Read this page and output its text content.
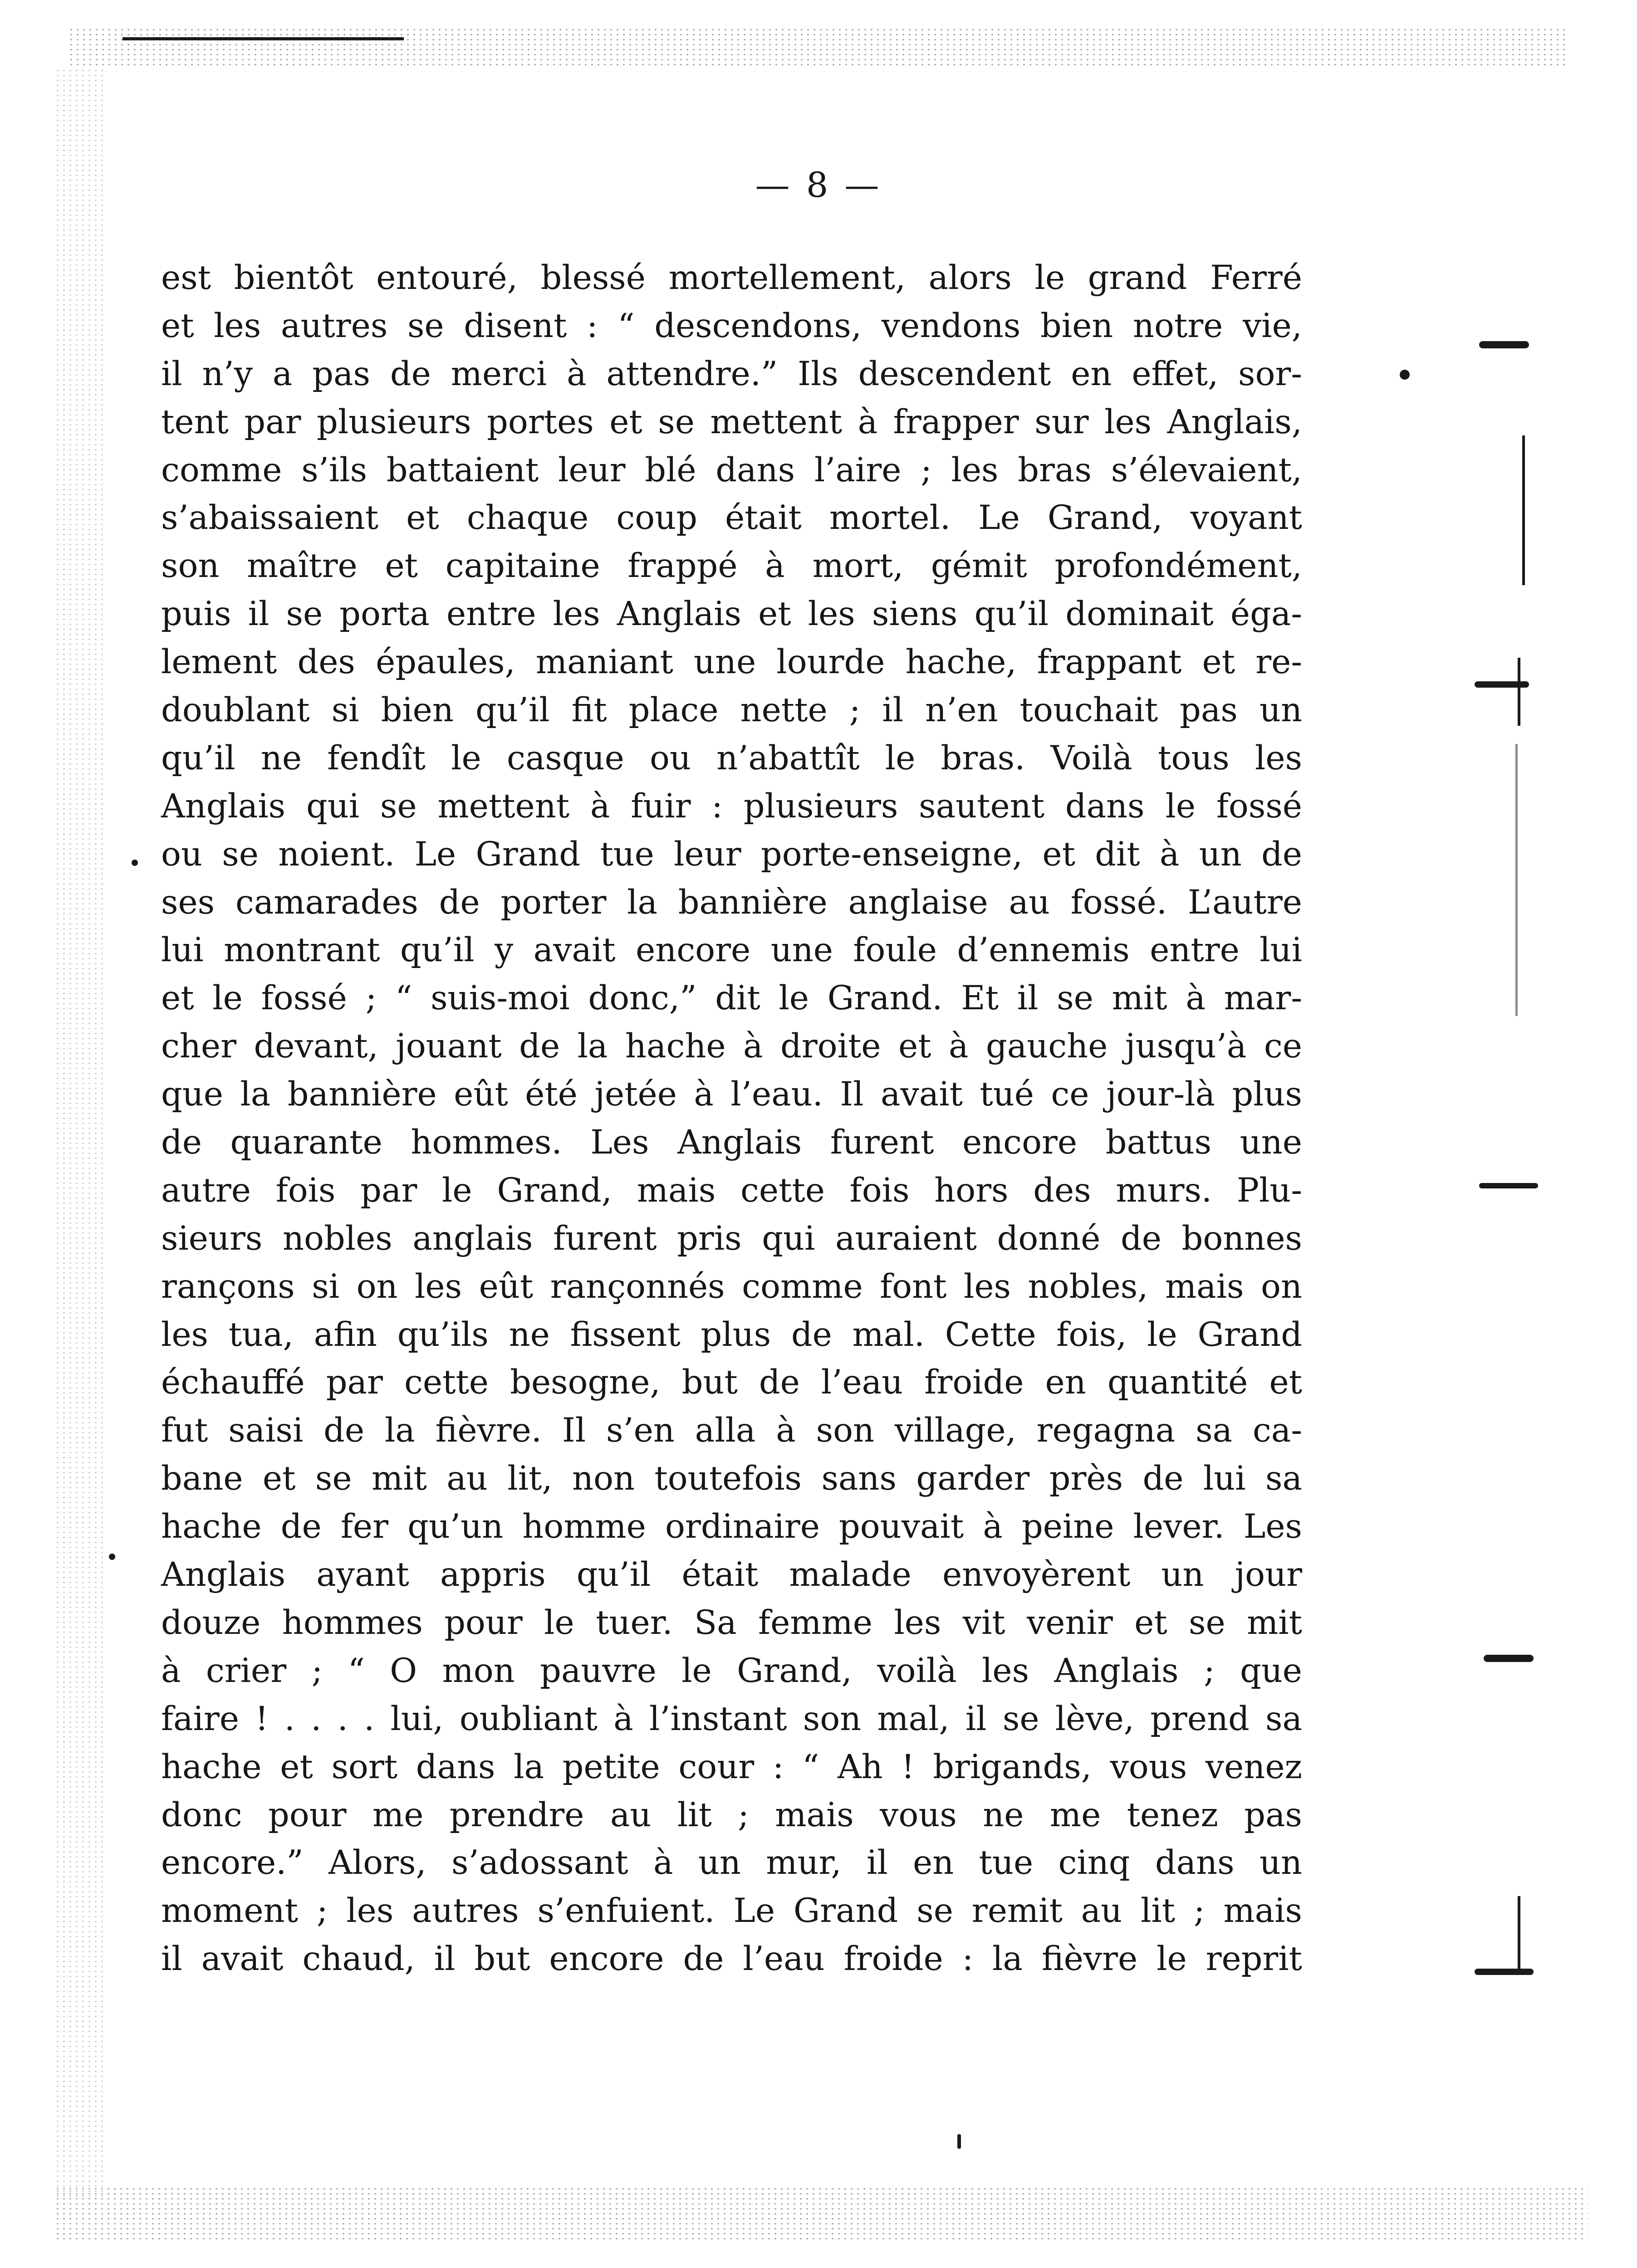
— 8 —
est bientôt entouré, blessé mortellement, alors le grand Ferré
et les autres se disent : “ descendons, vendons bien notre vie,
il n’y a pas de merci à attendre.” Ils descendent en effet, sor-
tent par plusieurs portes et se mettent à frapper sur les Anglais,
comme s’ils battaient leur blé dans l’aire ; les bras s’élevaient,
s’abaissaient et chaque coup était mortel. Le Grand, voyant
son maître et capitaine frappé à mort, gémit profondément,
puis il se porta entre les Anglais et les siens qu’il dominait éga-
lement des épaules, maniant une lourde hache, frappant et re-
doublant si bien qu’il fit place nette ; il n’en touchait pas un
qu’il ne fendît le casque ou n’abattît le bras. Voilà tous les
Anglais qui se mettent à fuir : plusieurs sautent dans le fossé
ou se noient. Le Grand tue leur porte-enseigne, et dit à un de
ses camarades de porter la bannière anglaise au fossé. L’autre
lui montrant qu’il y avait encore une foule d’ennemis entre lui
et le fossé ; “ suis-moi donc,” dit le Grand. Et il se mit à mar-
cher devant, jouant de la hache à droite et à gauche jusqu’à ce
que la bannière eût été jetée à l’eau. Il avait tué ce jour-là plus
de quarante hommes. Les Anglais furent encore battus une
autre fois par le Grand, mais cette fois hors des murs. Plu-
sieurs nobles anglais furent pris qui auraient donné de bonnes
rançons si on les eût rançonnés comme font les nobles, mais on
les tua, afin qu’ils ne fissent plus de mal. Cette fois, le Grand
échauffé par cette besogne, but de l’eau froide en quantité et
fut saisi de la fièvre. Il s’en alla à son village, regagna sa ca-
bane et se mit au lit, non toutefois sans garder près de lui sa
hache de fer qu’un homme ordinaire pouvait à peine lever. Les
Anglais ayant appris qu’il était malade envoyèrent un jour
douze hommes pour le tuer. Sa femme les vit venir et se mit
à crier ; “ O mon pauvre le Grand, voilà les Anglais ; que
faire ! . . . . lui, oubliant à l’instant son mal, il se lève, prend sa
hache et sort dans la petite cour : “ Ah ! brigands, vous venez
donc pour me prendre au lit ; mais vous ne me tenez pas
encore.” Alors, s’adossant à un mur, il en tue cinq dans un
moment ; les autres s’enfuient. Le Grand se remit au lit ; mais
il avait chaud, il but encore de l’eau froide : la fièvre le reprit
